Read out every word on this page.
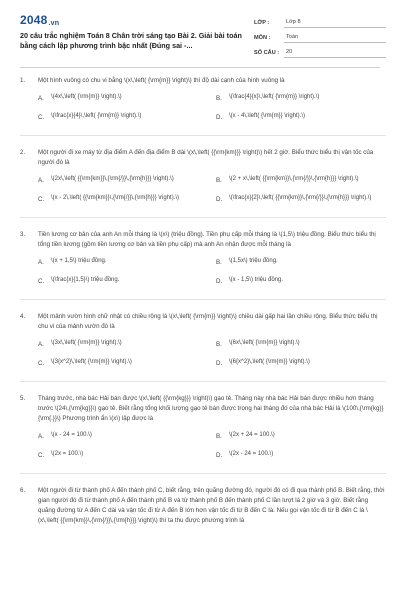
2048.vn
20 câu trắc nghiệm Toán 8 Chân trời sáng tạo Bài 2. Giải bài toán bằng cách lập phương trình bậc nhất (Đúng sai -...
LỚP :	Lớp 8
MÔN :	Toán
SỐ CÂU :	20
1.	Một hình vuông có chu vi bằng \(x\,\left( {\rm{m}} \right)\) thì độ dài cạnh của hình vuông là
A.	\(4x\,\left( {\rm{m}} \right).\)	B.	\(\frac{4}{x}\,\left( {\rm{m}} \right).\)
C.	\(\frac{x}{4}\,\left( {\rm{m}} \right).\)	D.	\(x - 4\,\left( {\rm{m}} \right).\)
2.	Một người đi xe máy từ địa điểm A đến địa điểm B dài \(x\,\left( {{\rm{km}}} \right)\) hết 2 giờ. Biểu thức biểu thị vận tốc của người đó là
A.	\(2x\,\left( {{\rm{km}}\,{\rm{/}}\,{\rm{h}}} \right).\)	B.	\(2 + x\,\left( {{\rm{km}}\,{\rm{/}}\,{\rm{h}}} \right).\)
C.	\(x - 2\,\left( {{\rm{km}}\,{\rm{/}}\,{\rm{h}}} \right).\)	D.	\(\frac{x}{2}\,\left( {{\rm{km}}\,{\rm{/}}\,{\rm{h}}} \right).\)
3.	Tiền lương cơ bản của anh An mỗi tháng là \(x\) (triệu đồng). Tiền phụ cấp mỗi tháng là \(1,5\) triệu đồng. Biểu thức biểu thị tổng tiền lương (gồm tiền lương cơ bản và tiền phụ cấp) mà anh An nhận được mỗi tháng là
A.	\(x + 1,5\) triệu đồng.	B.	\(1,5x\) triệu đồng.
C.	\(\frac{x}{1,5}\) triệu đồng.	D.	\(x - 1,5\) triệu đồng.
4.	Một mảnh vườn hình chữ nhật có chiều rộng là \(x\,\left( {\rm{m}} \right)\) chiều dài gấp hai lần chiều rộng. Biểu thức biểu thị chu vi của mảnh vườn đó là
A.	\(3x\,\left( {\rm{m}} \right).\)	B.	\(6x\,\left( {\rm{m}} \right).\)
C.	\(3{x^2}\,\left( {\rm{m}} \right).\)	D.	\(6{x^2}\,\left( {\rm{m}} \right).\)
5.	Tháng trước, nhà bác Hải bán được \(x\,\left( {{\rm{kg}}} \right)\) gạo tẻ. Tháng này nhà bác Hải bán được nhiều hơn tháng trước \(24\,{\rm{kg}}\) gạo tẻ. Biết rằng tổng khối lượng gạo tẻ bán được trong hai tháng đó của nhà bác Hải là \(100\,{\rm{kg}}{\rm{.}}\) Phương trình ẩn \(x\) lập được là
A.	\(x - 24 = 100.\)	B.	\(2x + 24 = 100.\)
C.	\(2x = 100.\)	D.	\(2x - 24 = 100.\)
6.	Một người đi từ thành phố A đến thành phố C, biết rằng, trên quãng đường đó, người đó có đi qua thành phố B. Biết rằng, thời gian người đó đi từ thành phố A đến thành phố B và từ thành phố B đến thành phố C lần lượt là 2 giờ và 3 giờ. Biết rằng quãng đường từ A đến C dài và vận tốc đi từ A đến B lớn hơn vận tốc đi từ B đến C là. Nếu gọi vận tốc đi từ B đến C là \(x\,\left( {{\rm{km}}\,{\rm{/}}\,{\rm{h}}} \right)\) thì ta thu được phương trình là
